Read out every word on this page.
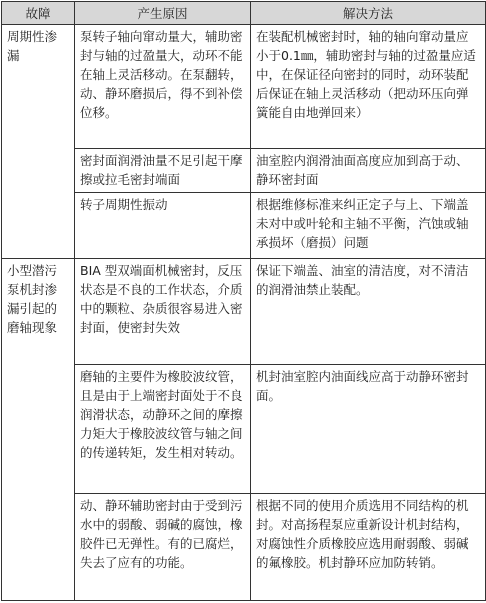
故障	产生原因	解决方法
周期性渗漏	泵转子轴向窜动量大，辅助密封与轴的过盈量大，动环不能在轴上灵活移动。在泵翻转，动、静环磨损后，得不到补偿位移。	在装配机械密封时，轴的轴向窜动量应小于0.1㎜，辅助密封与轴的过盈量应适中，在保证径向密封的同时，动环装配后保证在轴上灵活移动（把动环压向弹簧能自由地弹回来）
	密封面润滑油量不足引起干摩擦或拉毛密封端面	油室腔内润滑油面高度应加到高于动、静环密封面
	转子周期性振动	根据维修标准来纠正定子与上、下端盖未对中或叶轮和主轴不平衡，汽蚀或轴承损坏（磨损）问题
小型潜污泵机封渗漏引起的磨轴现象	BIA 型双端面机械密封，反压状态是不良的工作状态，介质中的颗粒、杂质很容易进入密封面，使密封失效	保证下端盖、油室的清洁度，对不清洁的润滑油禁止装配。
	磨轴的主要件为橡胶波纹管，且是由于上端密封面处于不良润滑状态，动静环之间的摩擦力矩大于橡胶波纹管与轴之间的传递转矩，发生相对转动。	机封油室腔内油面线应高于动静环密封面。
	动、静环辅助密封由于受到污水中的弱酸、弱碱的腐蚀，橡胶件已无弹性。有的已腐烂，失去了应有的功能。	根据不同的使用介质选用不同结构的机封。对高扬程泵应重新设计机封结构，对腐蚀性介质橡胶应选用耐弱酸、弱碱的氟橡胶。机封静环应加防转销。
